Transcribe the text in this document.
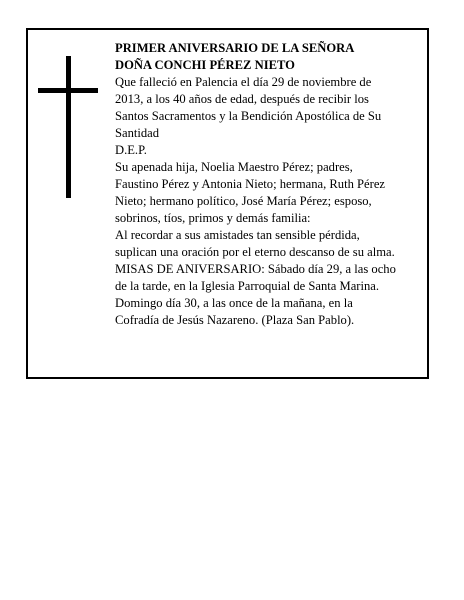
PRIMER ANIVERSARIO DE LA SEÑORA
DOÑA CONCHI PÉREZ NIETO
Que falleció en Palencia el día 29 de noviembre de
2013, a los 40 años de edad, después de recibir los
Santos Sacramentos y la Bendición Apostólica de Su
Santidad
D.E.P.
Su apenada hija, Noelia Maestro Pérez; padres,
Faustino Pérez y Antonia Nieto; hermana, Ruth Pérez
Nieto; hermano político, José María Pérez; esposo,
sobrinos, tíos, primos y demás familia:
Al recordar a sus amistades tan sensible pérdida,
suplican una oración por el eterno descanso de su alma.
MISAS DE ANIVERSARIO: Sábado día 29, a las ocho
de la tarde, en la Iglesia Parroquial de Santa Marina.
Domingo día 30, a las once de la mañana, en la
Cofradía de Jesús Nazareno. (Plaza San Pablo).
